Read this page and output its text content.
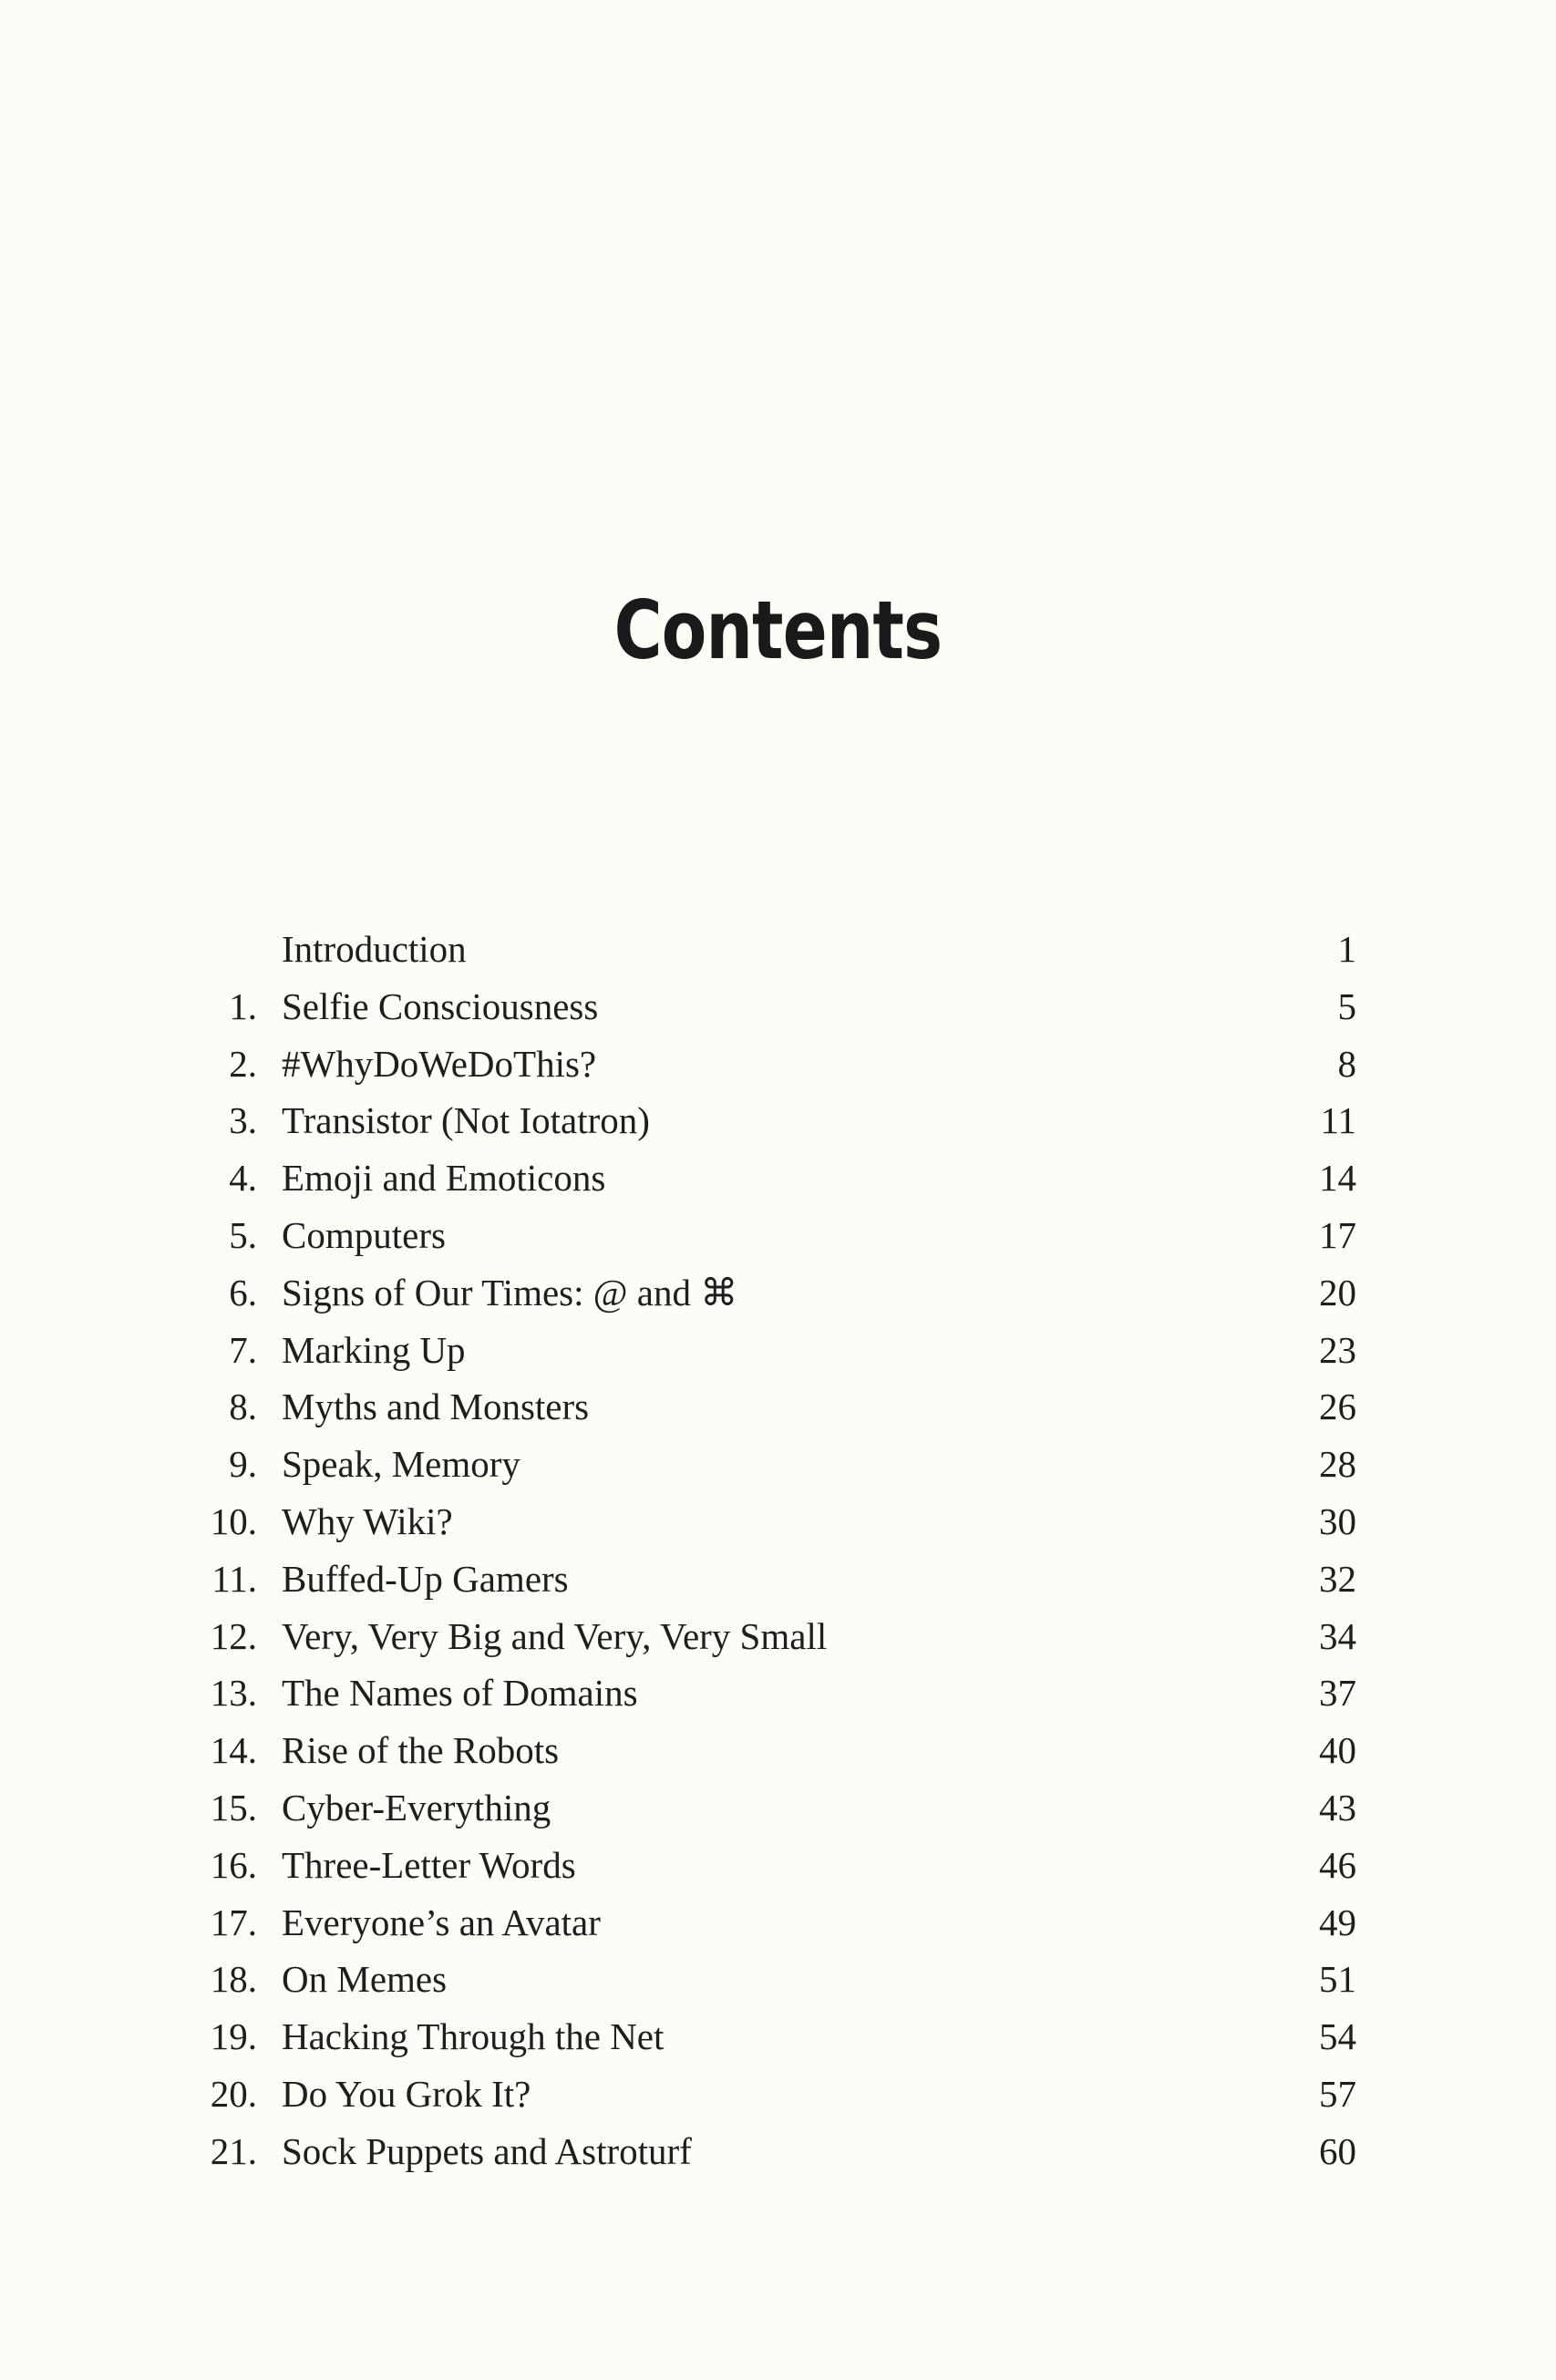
Contents
Introduction	1
1. Selfie Consciousness	5
2. #WhyDoWeDoThis?	8
3. Transistor (Not Iotatron)	11
4. Emoji and Emoticons	14
5. Computers	17
6. Signs of Our Times: @ and ⌘	20
7. Marking Up	23
8. Myths and Monsters	26
9. Speak, Memory	28
10. Why Wiki?	30
11. Buffed-Up Gamers	32
12. Very, Very Big and Very, Very Small	34
13. The Names of Domains	37
14. Rise of the Robots	40
15. Cyber-Everything	43
16. Three-Letter Words	46
17. Everyone’s an Avatar	49
18. On Memes	51
19. Hacking Through the Net	54
20. Do You Grok It?	57
21. Sock Puppets and Astroturf	60
